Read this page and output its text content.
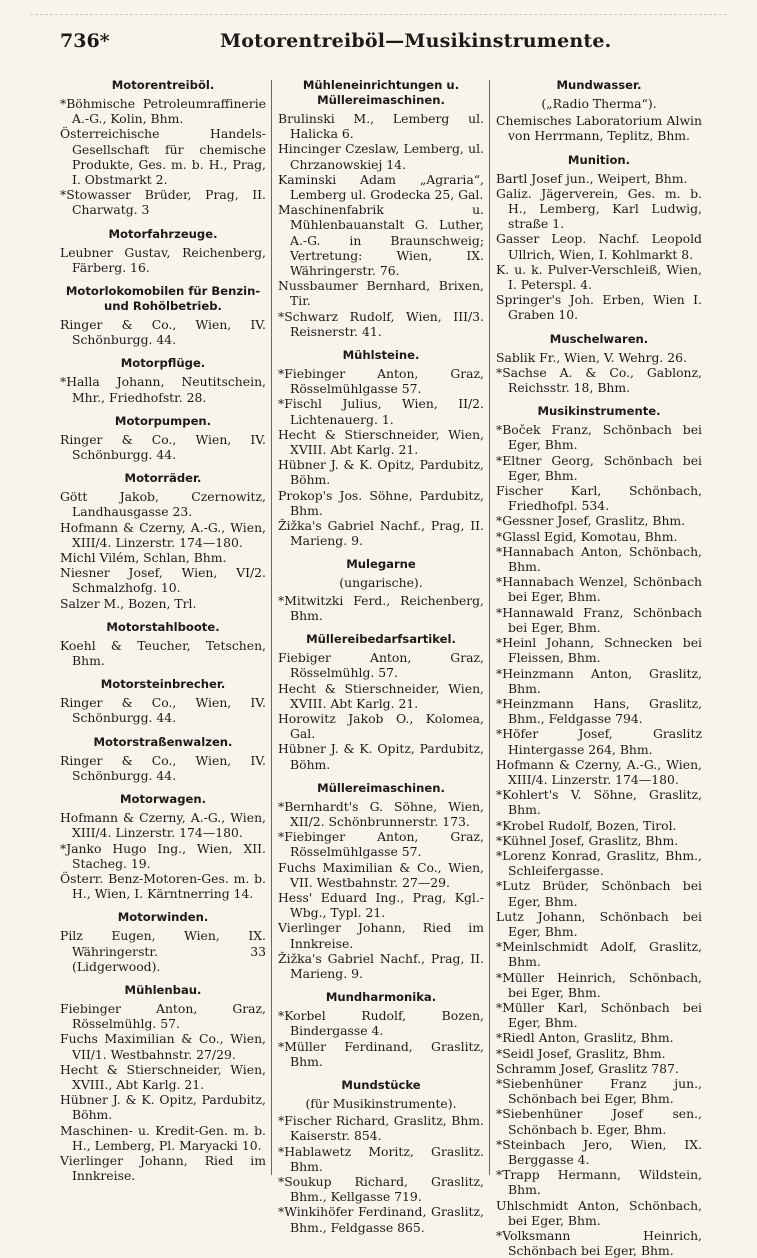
736*	Motorentreiböl—Musikinstrumente.
Motorentreiböl.

*Böhmische Petroleumraffinerie A.-G., Kolin, Bhm.

Österreichische Handels-Gesellschaft für chemische Produkte, Ges. m. b. H., Prag, I. Obstmarkt 2.

*Stowasser Brüder, Prag, II. Charwatg. 3

Motorfahrzeuge.

Leubner Gustav, Reichenberg, Färberg. 16.

Motorlokomobilen für Benzin- und Rohölbetrieb.

Ringer & Co., Wien, IV. Schönburgg. 44.

Motorpflüge.

*Halla Johann, Neutitschein, Mhr., Friedhofstr. 28.

Motorpumpen.

Ringer & Co., Wien, IV. Schönburgg. 44.

Motorräder.

Gött Jakob, Czernowitz, Landhausgasse 23.

Hofmann & Czerny, A.-G., Wien, XIII/4. Linzerstr. 174—180.

Michl Vilém, Schlan, Bhm.

Niesner Josef, Wien, VI/2. Schmalzhofg. 10.

Salzer M., Bozen, Trl.

Motorstahlboote.

Koehl & Teucher, Tetschen, Bhm.

Motorsteinbrecher.

Ringer & Co., Wien, IV. Schönburgg. 44.

Motorstraßenwalzen.

Ringer & Co., Wien, IV. Schönburgg. 44.

Motorwagen.

Hofmann & Czerny, A.-G., Wien, XIII/4. Linzerstr. 174—180.

*Janko Hugo Ing., Wien, XII. Stacheg. 19.

Österr. Benz-Motoren-Ges. m. b. H., Wien, I. Kärntnerring 14.

Motorwinden.

Pilz Eugen, Wien, IX. Währingerstr. 33 (Lidgerwood).

Mühlenbau.

Fiebinger Anton, Graz, Rösselmühlg. 57.

Fuchs Maximilian & Co., Wien, VII/1. Westbahnstr. 27/29.

Hecht & Stierschneider, Wien, XVIII., Abt Karlg. 21.

Hübner J. & K. Opitz, Pardubitz, Böhm.

Maschinen- u. Kredit-Gen. m. b. H., Lemberg, Pl. Maryacki 10.

Vierlinger Johann, Ried im Innkreise.

Mühleneinrichtungen u. Müllereimaschinen.

Brulinski M., Lemberg ul. Halicka 6.

Hincinger Czeslaw, Lemberg, ul. Chrzanowskiej 14.

Kaminski Adam „Agraria“, Lemberg ul. Grodecka 25, Gal.

Maschinenfabrik u. Mühlenbauanstalt G. Luther, A.-G. in Braunschweig; Vertretung: Wien, IX. Währingerstr. 76.

Nussbaumer Bernhard, Brixen, Tir.

*Schwarz Rudolf, Wien, III/3. Reisnerstr. 41.

Mühlsteine.

*Fiebinger Anton, Graz, Rösselmühlgasse 57.

*Fischl Julius, Wien, II/2. Lichtenauerg. 1.

Hecht & Stierschneider, Wien, XVIII. Abt Karlg. 21.

Hübner J. & K. Opitz, Pardubitz, Böhm.

Prokop's Jos. Söhne, Pardubitz, Bhm.

Žižka's Gabriel Nachf., Prag, II. Marieng. 9.

Mulegarne
(ungarische).

*Mitwitzki Ferd., Reichenberg, Bhm.

Müllereibedarfsartikel.

Fiebiger Anton, Graz, Rösselmühlg. 57.

Hecht & Stierschneider, Wien, XVIII. Abt Karlg. 21.

Horowitz Jakob O., Kolomea, Gal.

Hübner J. & K. Opitz, Pardubitz, Böhm.

Müllereimaschinen.

*Bernhardt's G. Söhne, Wien, XII/2. Schönbrunnerstr. 173.

*Fiebinger Anton, Graz, Rösselmühlgasse 57.

Fuchs Maximilian & Co., Wien, VII. Westbahnstr. 27—29.

Hess' Eduard Ing., Prag, Kgl.-Wbg., Typl. 21.

Vierlinger Johann, Ried im Innkreise.

Žižka's Gabriel Nachf., Prag, II. Marieng. 9.

Mundharmonika.

*Korbel Rudolf, Bozen, Bindergasse 4.

*Müller Ferdinand, Graslitz, Bhm.

Mundstücke
(für Musikinstrumente).

*Fischer Richard, Graslitz, Bhm. Kaiserstr. 854.

*Hablawetz Moritz, Graslitz. Bhm.

*Soukup Richard, Graslitz, Bhm., Kellgasse 719.

*Winkihöfer Ferdinand, Graslitz, Bhm., Feldgasse 865.

Mundwasser.
(„Radio Therma“).

Chemisches Laboratorium Alwin von Herrmann, Teplitz, Bhm.

Munition.

Bartl Josef jun., Weipert, Bhm.

Galiz. Jägerverein, Ges. m. b. H., Lemberg, Karl Ludwig, straße 1.

Gasser Leop. Nachf. Leopold Ullrich, Wien, I. Kohlmarkt 8.

K. u. k. Pulver-Verschleiß, Wien, I. Peterspl. 4.

Springer's Joh. Erben, Wien I. Graben 10.

Muschelwaren.

Sablik Fr., Wien, V. Wehrg. 26.

*Sachse A. & Co., Gablonz, Reichsstr. 18, Bhm.

Musikinstrumente.

*Boček Franz, Schönbach bei Eger, Bhm.

*Eltner Georg, Schönbach bei Eger, Bhm.

Fischer Karl, Schönbach, Friedhofpl. 534.

*Gessner Josef, Graslitz, Bhm.

*Glassl Egid, Komotau, Bhm.

*Hannabach Anton, Schönbach, Bhm.

*Hannabach Wenzel, Schönbach bei Eger, Bhm.

*Hannawald Franz, Schönbach bei Eger, Bhm.

*Heinl Johann, Schnecken bei Fleissen, Bhm.

*Heinzmann Anton, Graslitz, Bhm.

*Heinzmann Hans, Graslitz, Bhm., Feldgasse 794.

*Höfer Josef, Graslitz Hintergasse 264, Bhm.

Hofmann & Czerny, A.-G., Wien, XIII/4. Linzerstr. 174—180.

*Kohlert's V. Söhne, Graslitz, Bhm.

*Krobel Rudolf, Bozen, Tirol.

*Kühnel Josef, Graslitz, Bhm.

*Lorenz Konrad, Graslitz, Bhm., Schleifergasse.

*Lutz Brüder, Schönbach bei Eger, Bhm.

Lutz Johann, Schönbach bei Eger, Bhm.

*Meinlschmidt Adolf, Graslitz, Bhm.

*Müller Heinrich, Schönbach, bei Eger, Bhm.

*Müller Karl, Schönbach bei Eger, Bhm.

*Riedl Anton, Graslitz, Bhm.

*Seidl Josef, Graslitz, Bhm.

Schramm Josef, Graslitz 787.

*Siebenhüner Franz jun., Schönbach bei Eger, Bhm.

*Siebenhüner Josef sen., Schönbach b. Eger, Bhm.

*Steinbach Jero, Wien, IX. Berggasse 4.

*Trapp Hermann, Wildstein, Bhm.

Uhlschmidt Anton, Schönbach, bei Eger, Bhm.

*Volksmann Heinrich, Schönbach bei Eger, Bhm.
